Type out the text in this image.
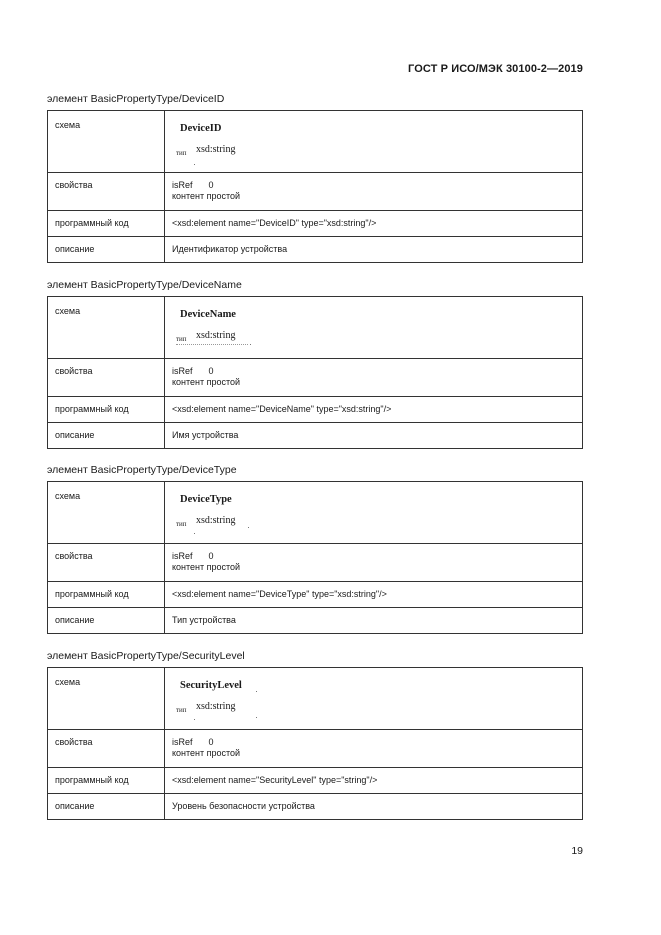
ГОСТ Р ИСО/МЭК 30100-2—2019
элемент BasicPropertyType/DeviceID
схема	DeviceID
тип xsd:string

свойства	isRef 0
контент простой

программный код	<xsd:element name="DeviceID" type="xsd:string"/>
описание	Идентификатор устройства
элемент BasicPropertyType/DeviceName
схема	DeviceName
тип xsd:string

свойства	isRef 0
контент простой

программный код	<xsd:element name="DeviceName" type="xsd:string"/>
описание	Имя устройства
элемент BasicPropertyType/DeviceType
схема	DeviceType
тип xsd:string

свойства	isRef 0
контент простой

программный код	<xsd:element name="DeviceType" type="xsd:string"/>
описание	Тип устройства
элемент BasicPropertyType/SecurityLevel
схема	SecurityLevel
тип xsd:string

свойства	isRef 0
контент простой

программный код	<xsd:element name="SecurityLevel" type="string"/>
описание	Уровень безопасности устройства
19
